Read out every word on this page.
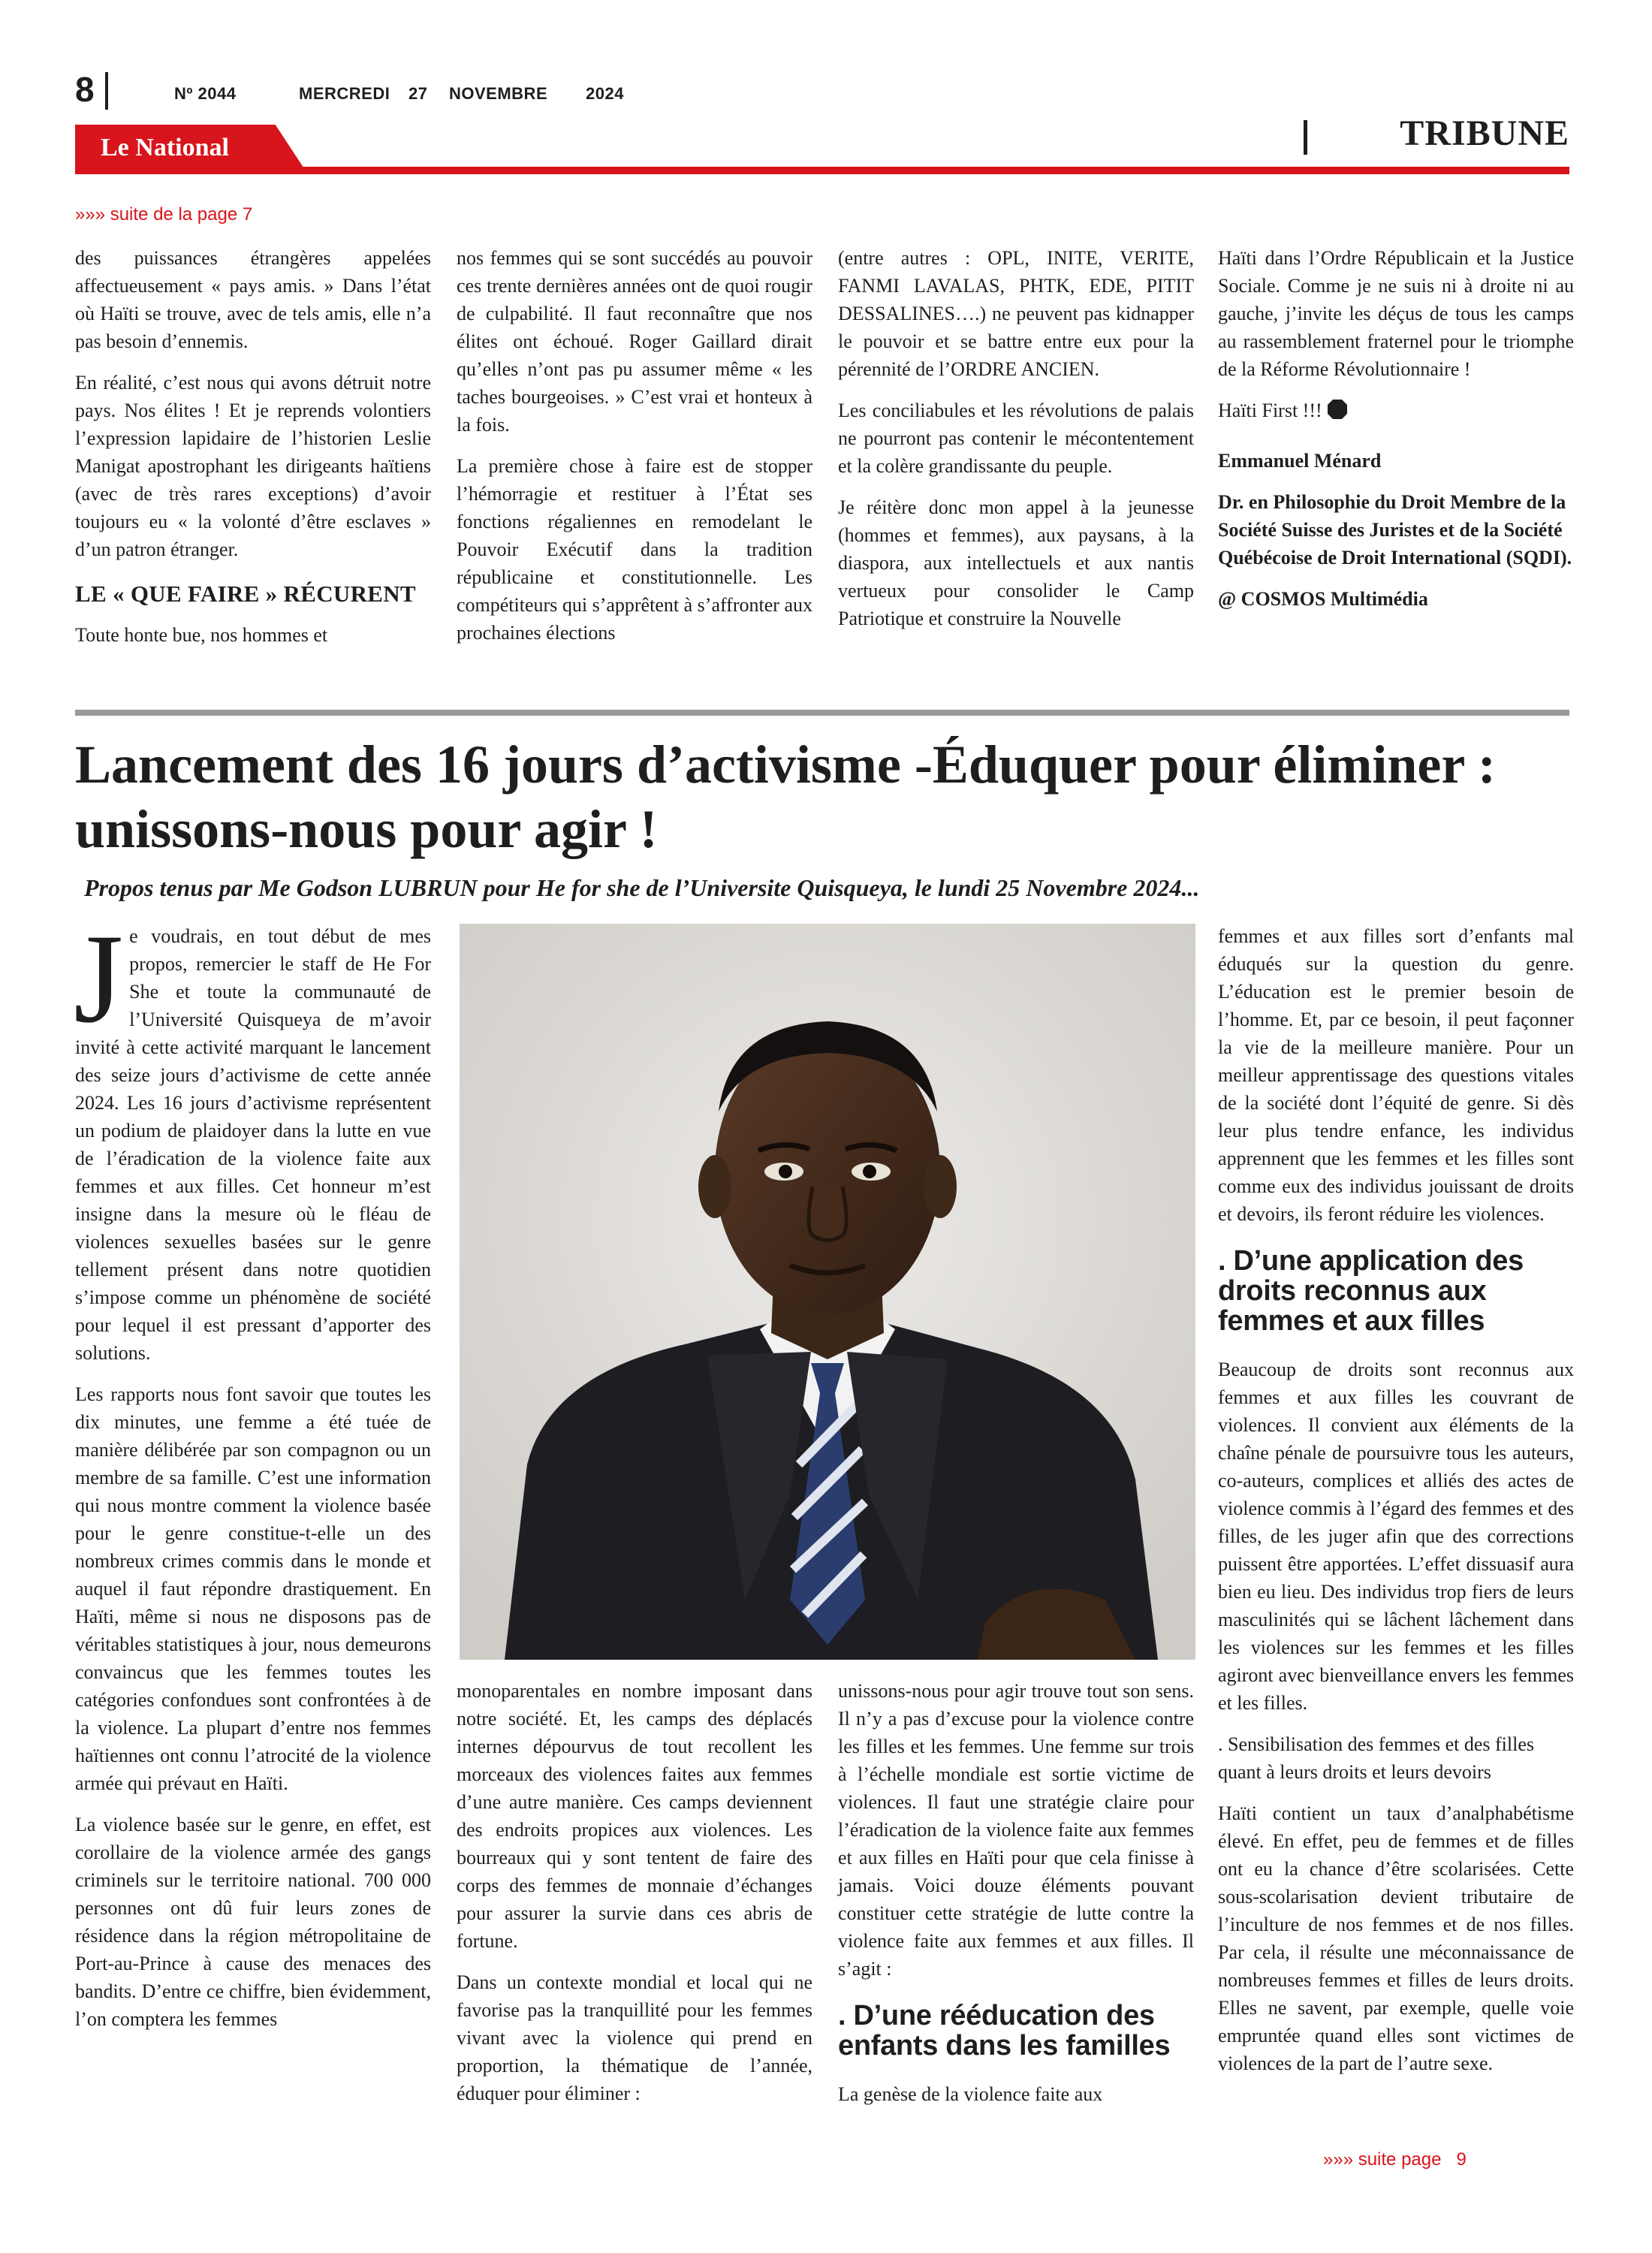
8	Nº 2044	MERCREDI 27 NOVEMBRE 2024
Le National	TRIBUNE
»»» suite de la page 7

des puissances étrangères appelées affectueusement « pays amis. » Dans l’état où Haïti se trouve, avec de tels amis, elle n’a pas besoin d’ennemis.

En réalité, c’est nous qui avons détruit notre pays. Nos élites ! Et je reprends volontiers l’expression lapidaire de l’historien Leslie Manigat apostrophant les dirigeants haïtiens (avec de très rares exceptions) d’avoir toujours eu « la volonté d’être esclaves » d’un patron étranger.

LE « QUE FAIRE » RÉCURENT

Toute honte bue, nos hommes et

nos femmes qui se sont succédés au pouvoir ces trente dernières années ont de quoi rougir de culpabilité. Il faut reconnaître que nos élites ont échoué. Roger Gaillard dirait qu’elles n’ont pas pu assumer même « les taches bourgeoises. » C’est vrai et honteux à la fois.

La première chose à faire est de stopper l’hémorragie et restituer à l’État ses fonctions régaliennes en remodelant le Pouvoir Exécutif dans la tradition républicaine et constitutionnelle. Les compétiteurs qui s’apprêtent à s’affronter aux prochaines élections

(entre autres : OPL, INITE, VERITE, FANMI LAVALAS, PHTK, EDE, PITIT DESSALINES….) ne peuvent pas kidnapper le pouvoir et se battre entre eux pour la pérennité de l’ORDRE ANCIEN.

Les conciliabules et les révolutions de palais ne pourront pas contenir le mécontentement et la colère grandissante du peuple.

Je réitère donc mon appel à la jeunesse (hommes et femmes), aux paysans, à la diaspora, aux intellectuels et aux nantis vertueux pour consolider le Camp Patriotique et construire la Nouvelle

Haïti dans l’Ordre Républicain et la Justice Sociale. Comme je ne suis ni à droite ni au gauche, j’invite les déçus de tous les camps au rassemblement fraternel pour le triomphe de la Réforme Révolutionnaire !

Haïti First !!!

Emmanuel Ménard

Dr. en Philosophie du Droit Membre de la Société Suisse des Juristes et de la Société Québécoise de Droit International (SQDI).

@ COSMOS Multimédia

Lancement des 16 jours d’activisme -Éduquer pour éliminer : unissons-nous pour agir !
Propos tenus par Me Godson LUBRUN pour He for she de l’Universite Quisqueya, le lundi 25 Novembre 2024...

Je voudrais, en tout début de mes propos, remercier le staff de He For She et toute la communauté de l’Université Quisqueya de m’avoir invité à cette activité marquant le lancement des seize jours d’activisme de cette année 2024. Les 16 jours d’activisme représentent un podium de plaidoyer dans la lutte en vue de l’éradication de la violence faite aux femmes et aux filles. Cet honneur m’est insigne dans la mesure où le fléau de violences sexuelles basées sur le genre tellement présent dans notre quotidien s’impose comme un phénomène de société pour lequel il est pressant d’apporter des solutions.

Les rapports nous font savoir que toutes les dix minutes, une femme a été tuée de manière délibérée par son compagnon ou un membre de sa famille. C’est une information qui nous montre comment la violence basée pour le genre constitue-t-elle un des nombreux crimes commis dans le monde et auquel il faut répondre drastiquement. En Haïti, même si nous ne disposons pas de véritables statistiques à jour, nous demeurons convaincus que les femmes toutes les catégories confondues sont confrontées à de la violence. La plupart d’entre nos femmes haïtiennes ont connu l’atrocité de la violence armée qui prévaut en Haïti.

La violence basée sur le genre, en effet, est corollaire de la violence armée des gangs criminels sur le territoire national. 700 000 personnes ont dû fuir leurs zones de résidence dans la région métropolitaine de Port-au-Prince à cause des menaces des bandits. D’entre ce chiffre, bien évidemment, l’on comptera les femmes

monoparentales en nombre imposant dans notre société. Et, les camps des déplacés internes dépourvus de tout recollent les morceaux des violences faites aux femmes d’une autre manière. Ces camps deviennent des endroits propices aux violences. Les bourreaux qui y sont tentent de faire des corps des femmes de monnaie d’échanges pour assurer la survie dans ces abris de fortune.

Dans un contexte mondial et local qui ne favorise pas la tranquillité pour les femmes vivant avec la violence qui prend en proportion, la thématique de l’année, éduquer pour éliminer :

unissons-nous pour agir trouve tout son sens. Il n’y a pas d’excuse pour la violence contre les filles et les femmes. Une femme sur trois à l’échelle mondiale est sortie victime de violences. Il faut une stratégie claire pour l’éradication de la violence faite aux femmes et aux filles en Haïti pour que cela finisse à jamais. Voici douze éléments pouvant constituer cette stratégie de lutte contre la violence faite aux femmes et aux filles. Il s’agit :

. D’une rééducation des enfants dans les familles

La genèse de la violence faite aux

femmes et aux filles sort d’enfants mal éduqués sur la question du genre. L’éducation est le premier besoin de l’homme. Et, par ce besoin, il peut façonner la vie de la meilleure manière. Pour un meilleur apprentissage des questions vitales de la société dont l’équité de genre. Si dès leur plus tendre enfance, les individus apprennent que les femmes et les filles sont comme eux des individus jouissant de droits et devoirs, ils feront réduire les violences.

. D’une application des droits reconnus aux femmes et aux filles

Beaucoup de droits sont reconnus aux femmes et aux filles les couvrant de violences. Il convient aux éléments de la chaîne pénale de poursuivre tous les auteurs, co-auteurs, complices et alliés des actes de violence commis à l’égard des femmes et des filles, de les juger afin que des corrections puissent être apportées. L’effet dissuasif aura bien eu lieu. Des individus trop fiers de leurs masculinités qui se lâchent lâchement dans les violences sur les femmes et les filles agiront avec bienveillance envers les femmes et les filles.

. Sensibilisation des femmes et des filles quant à leurs droits et leurs devoirs

Haïti contient un taux d’analphabétisme élevé. En effet, peu de femmes et de filles ont eu la chance d’être scolarisées. Cette sous-scolarisation devient tributaire de l’inculture de nos femmes et de nos filles. Par cela, il résulte une méconnaissance de nombreuses femmes et filles de leurs droits. Elles ne savent, par exemple, quelle voie empruntée quand elles sont victimes de violences de la part de l’autre sexe.

»»» suite page 9
